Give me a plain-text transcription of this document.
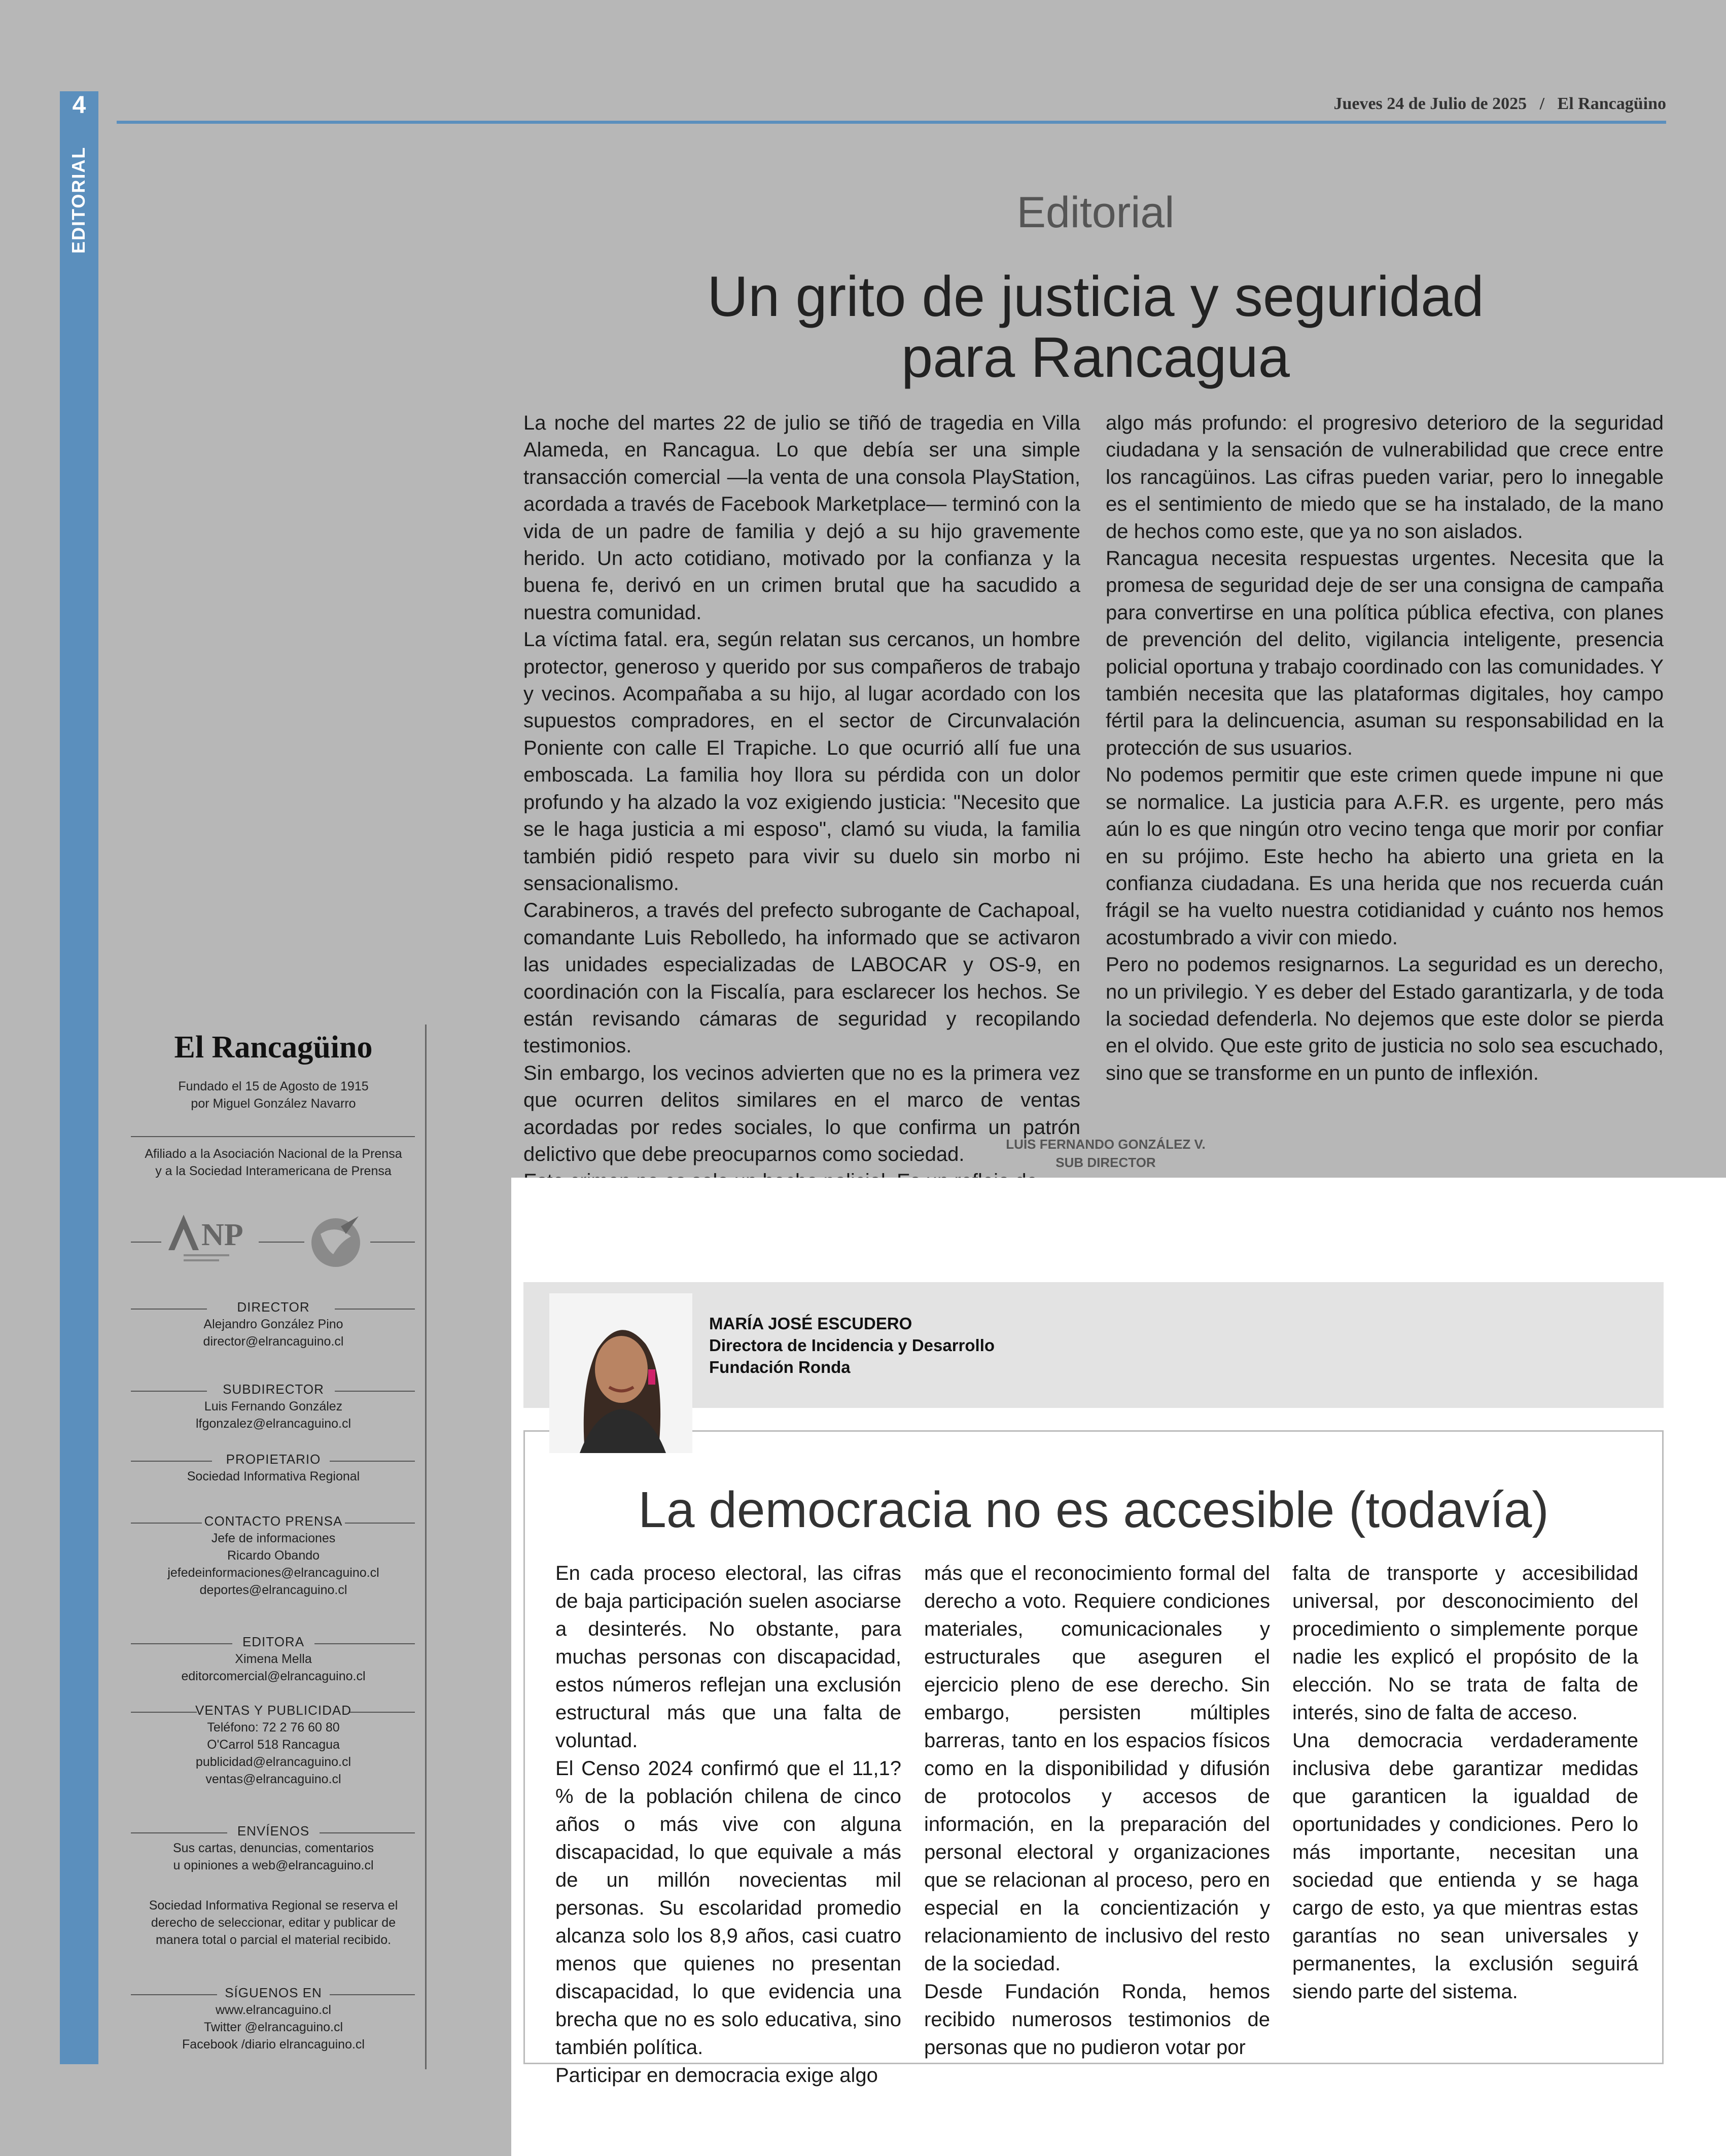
4
EDITORIAL
Jueves 24 de Julio de 2025 / El Rancagüino
Editorial
Un grito de justicia y seguridad
para Rancagua

La noche del martes 22 de julio se tiñó de tragedia en Villa Alameda, en Rancagua. Lo que debía ser una simple transacción comercial —la venta de una consola PlayStation, acordada a través de Facebook Marketplace— terminó con la vida de un padre de familia y dejó a su hijo gravemente herido. Un acto cotidiano, motivado por la confianza y la buena fe, derivó en un crimen brutal que ha sacudido a nuestra comunidad.

La víctima fatal. era, según relatan sus cercanos, un hombre protector, generoso y querido por sus compañeros de trabajo y vecinos. Acompañaba a su hijo, al lugar acordado con los supuestos compradores, en el sector de Circunvalación Poniente con calle El Trapiche. Lo que ocurrió allí fue una emboscada. La familia hoy llora su pérdida con un dolor profundo y ha alzado la voz exigiendo justicia: "Necesito que se le haga justicia a mi esposo", clamó su viuda, la familia también pidió respeto para vivir su duelo sin morbo ni sensacionalismo.

Carabineros, a través del prefecto subrogante de Cachapoal, comandante Luis Rebolledo, ha informado que se activaron las unidades especializadas de LABOCAR y OS-9, en coordinación con la Fiscalía, para esclarecer los hechos. Se están revisando cámaras de seguridad y recopilando testimonios.

Sin embargo, los vecinos advierten que no es la primera vez que ocurren delitos similares en el marco de ventas acordadas por redes sociales, lo que confirma un patrón delictivo que debe preocuparnos como sociedad.

algo más profundo: el progresivo deterioro de la seguridad ciudadana y la sensación de vulnerabilidad que crece entre los rancagüinos. Las cifras pueden variar, pero lo innegable es el sentimiento de miedo que se ha instalado, de la mano de hechos como este, que ya no son aislados.

Rancagua necesita respuestas urgentes. Necesita que la promesa de seguridad deje de ser una consigna de campaña para convertirse en una política pública efectiva, con planes de prevención del delito, vigilancia inteligente, presencia policial oportuna y trabajo coordinado con las comunidades. Y también necesita que las plataformas digitales, hoy campo fértil para la delincuencia, asuman su responsabilidad en la protección de sus usuarios.

No podemos permitir que este crimen quede impune ni que se normalice. La justicia para A.F.R. es urgente, pero más aún lo es que ningún otro vecino tenga que morir por confiar en su prójimo. Este hecho ha abierto una grieta en la confianza ciudadana. Es una herida que nos recuerda cuán frágil se ha vuelto nuestra cotidianidad y cuánto nos hemos acostumbrado a vivir con miedo.

Pero no podemos resignarnos. La seguridad es un derecho, no un privilegio. Y es deber del Estado garantizarla, y de toda la sociedad defenderla. No dejemos que este dolor se pierda en el olvido. Que este grito de justicia no solo sea escuchado, sino que se transforme en un punto de inflexión.

LUIS FERNANDO GONZÁLEZ V.
SUB DIRECTOR
El Rancagüino
Fundado el 15 de Agosto de 1915
por Miguel González Navarro
Afiliado a la Asociación Nacional de la Prensa
y a la Sociedad Interamericana de Prensa
NP
DIRECTOR
Alejandro González Pino
director@elrancaguino.cl
SUBDIRECTOR
Luis Fernando González
lfgonzalez@elrancaguino.cl
PROPIETARIO
Sociedad Informativa Regional
CONTACTO PRENSA
Jefe de informaciones
Ricardo Obando
jefedeinformaciones@elrancaguino.cl
deportes@elrancaguino.cl
EDITORA
Ximena Mella
editorcomercial@elrancaguino.cl
VENTAS Y PUBLICIDAD
Teléfono: 72 2 76 60 80
O'Carrol 518 Rancagua
publicidad@elrancaguino.cl
ventas@elrancaguino.cl
ENVÍENOS
Sus cartas, denuncias, comentarios
u opiniones a web@elrancaguino.cl
Sociedad Informativa Regional se reserva el
derecho de seleccionar, editar y publicar de
manera total o parcial el material recibido.
SÍGUENOS EN
www.elrancaguino.cl
Twitter @elrancaguino.cl
Facebook /diario elrancaguino.cl
MARÍA JOSÉ ESCUDERO
Directora de Incidencia y Desarrollo
Fundación Ronda
La democracia no es accesible (todavía)

En cada proceso electoral, las cifras de baja participación suelen asociarse a desinterés. No obstante, para muchas personas con discapacidad, estos números reflejan una exclusión estructural más que una falta de voluntad.

El Censo 2024 confirmó que el 11,1?% de la población chilena de cinco años o más vive con alguna discapacidad, lo que equivale a más de un millón novecientas mil personas. Su escolaridad promedio alcanza solo los 8,9 años, casi cuatro menos que quienes no presentan discapacidad, lo que evidencia una brecha que no es solo educativa, sino también política.

Participar en democracia exige algo

más que el reconocimiento formal del derecho a voto. Requiere condiciones materiales, comunicacionales y estructurales que aseguren el ejercicio pleno de ese derecho. Sin embargo, persisten múltiples barreras, tanto en los espacios físicos como en la disponibilidad y difusión de protocolos y accesos de información, en la preparación del personal electoral y organizaciones que se relacionan al proceso, pero en especial en la concientización y relacionamiento de inclusivo del resto de la sociedad.

Desde Fundación Ronda, hemos recibido numerosos testimonios de personas que no pudieron votar por

falta de transporte y accesibilidad universal, por desconocimiento del procedimiento o simplemente porque nadie les explicó el propósito de la elección. No se trata de falta de interés, sino de falta de acceso.

Una democracia verdaderamente inclusiva debe garantizar medidas que garanticen la igualdad de oportunidades y condiciones. Pero lo más importante, necesitan una sociedad que entienda y se haga cargo de esto, ya que mientras estas garantías no sean universales y permanentes, la exclusión seguirá siendo parte del sistema.
